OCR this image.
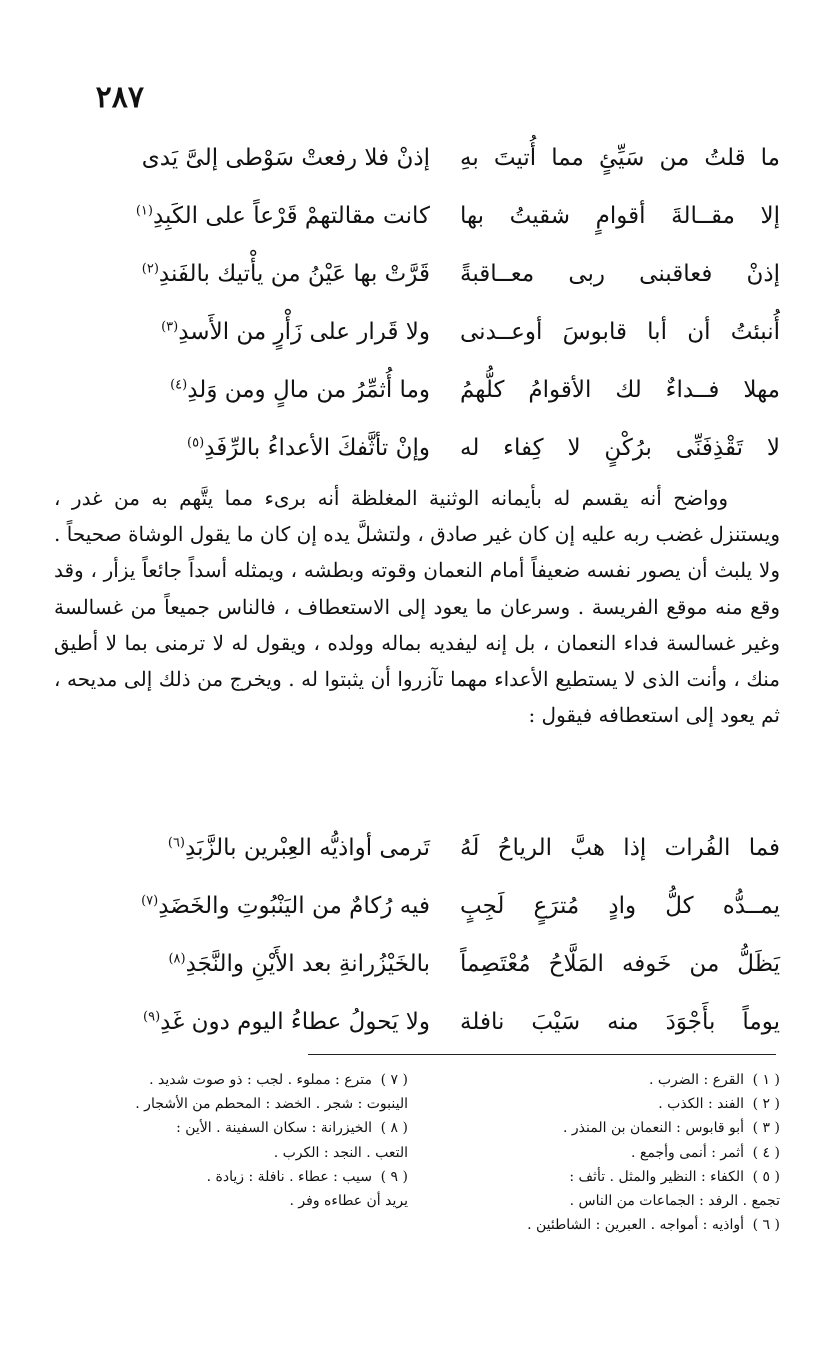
٢٨٧
ما قلتُ من سَيِّئٍ مما أُتيتَ بهِ
إذنْ فلا رفعتْ سَوْطى إلىَّ يَدى
إلا مقــالةَ أقوامٍ شقيتُ بها
كانت مقالتهمْ قَرْعاً على الكَبِدِ$^{(١)}$
إذنْ فعاقبنى ربى معــاقبةً
قَرَّتْ بها عَيْنُ من يأْتيك بالفَندِ$^{(٢)}$
أُنبئتُ أن أبا قابوسَ أوعــدنى
ولا قَرار على زَأْرٍ من الأَسدِ$^{(٣)}$
مهلا فــداءٌ لك الأقوامُ كلُّهمُ
وما أُثمِّرُ من مالٍ ومن وَلدِ$^{(٤)}$
لا تَقْذِفَنِّى برُكْنٍ لا كِفاء له
وإنْ تأثَّفكَ الأعداءُ بالرِّفَدِ$^{(٥)}$

وواضح أنه يقسم له بأيمانه الوثنية المغلظة أنه برىء مما يتَّهم به من غدر ، ويستنزل غضب ربه عليه إن كان غير صادق ، ولتشلَّ يده إن كان ما يقول الوشاة صحيحاً . ولا يلبث أن يصور نفسه ضعيفاً أمام النعمان وقوته وبطشه ، ويمثله أسداً جائعاً يزأر ، وقد وقع منه موقع الفريسة . وسرعان ما يعود إلى الاستعطاف ، فالناس جميعاً من غسالسة وغير غسالسة فداء النعمان ، بل إنه ليفديه بماله وولده ، ويقول له لا ترمنى بما لا أطيق منك ، وأنت الذى لا يستطيع الأعداء مهما تآزروا أن يثبتوا له . ويخرج من ذلك إلى مديحه ، ثم يعود إلى استعطافه فيقول :

فما الفُرات إذا هبَّ الرياحُ لَهُ
تَرمى أواذيُّه العِبْرين بالزَّبَدِ$^{(٦)}$
يمــدُّه كلُّ وادٍ مُترَعٍ لَجِبٍ
فيه رُكامٌ من اليَنْبُوتِ والخَضَدِ$^{(٧)}$
يَظَلُّ من خَوفه المَلَّاحُ مُعْتَصِماً
بالخَيْزُرانةِ بعد الأَيْنِ والنَّجَدِ$^{(٨)}$
يوماً بأَجْوَدَ منه سَيْبَ نافلة
ولا يَحولُ عطاءُ اليوم دون غَدِ$^{(٩)}$

( ١ )القرع : الضرب .

( ٢ )الفند : الكذب .

( ٣ )أبو قابوس : النعمان بن المنذر .

( ٤ )أثمر : أنمى وأجمع .

( ٥ )الكفاء : النظير والمثل . تأثف :

تجمع . الرفد : الجماعات من الناس .

( ٦ )أواذيه : أمواجه . العبرين : الشاطئين .

( ٧ )مترع : مملوء . لجب : ذو صوت شديد .

الينبوت : شجر . الخضد : المحطم من الأشجار .

( ٨ )الخيزرانة : سكان السفينة . الأين :

التعب . النجد : الكرب .

( ٩ )سيب : عطاء . نافلة : زيادة .

يريد أن عطاءه وفر .
